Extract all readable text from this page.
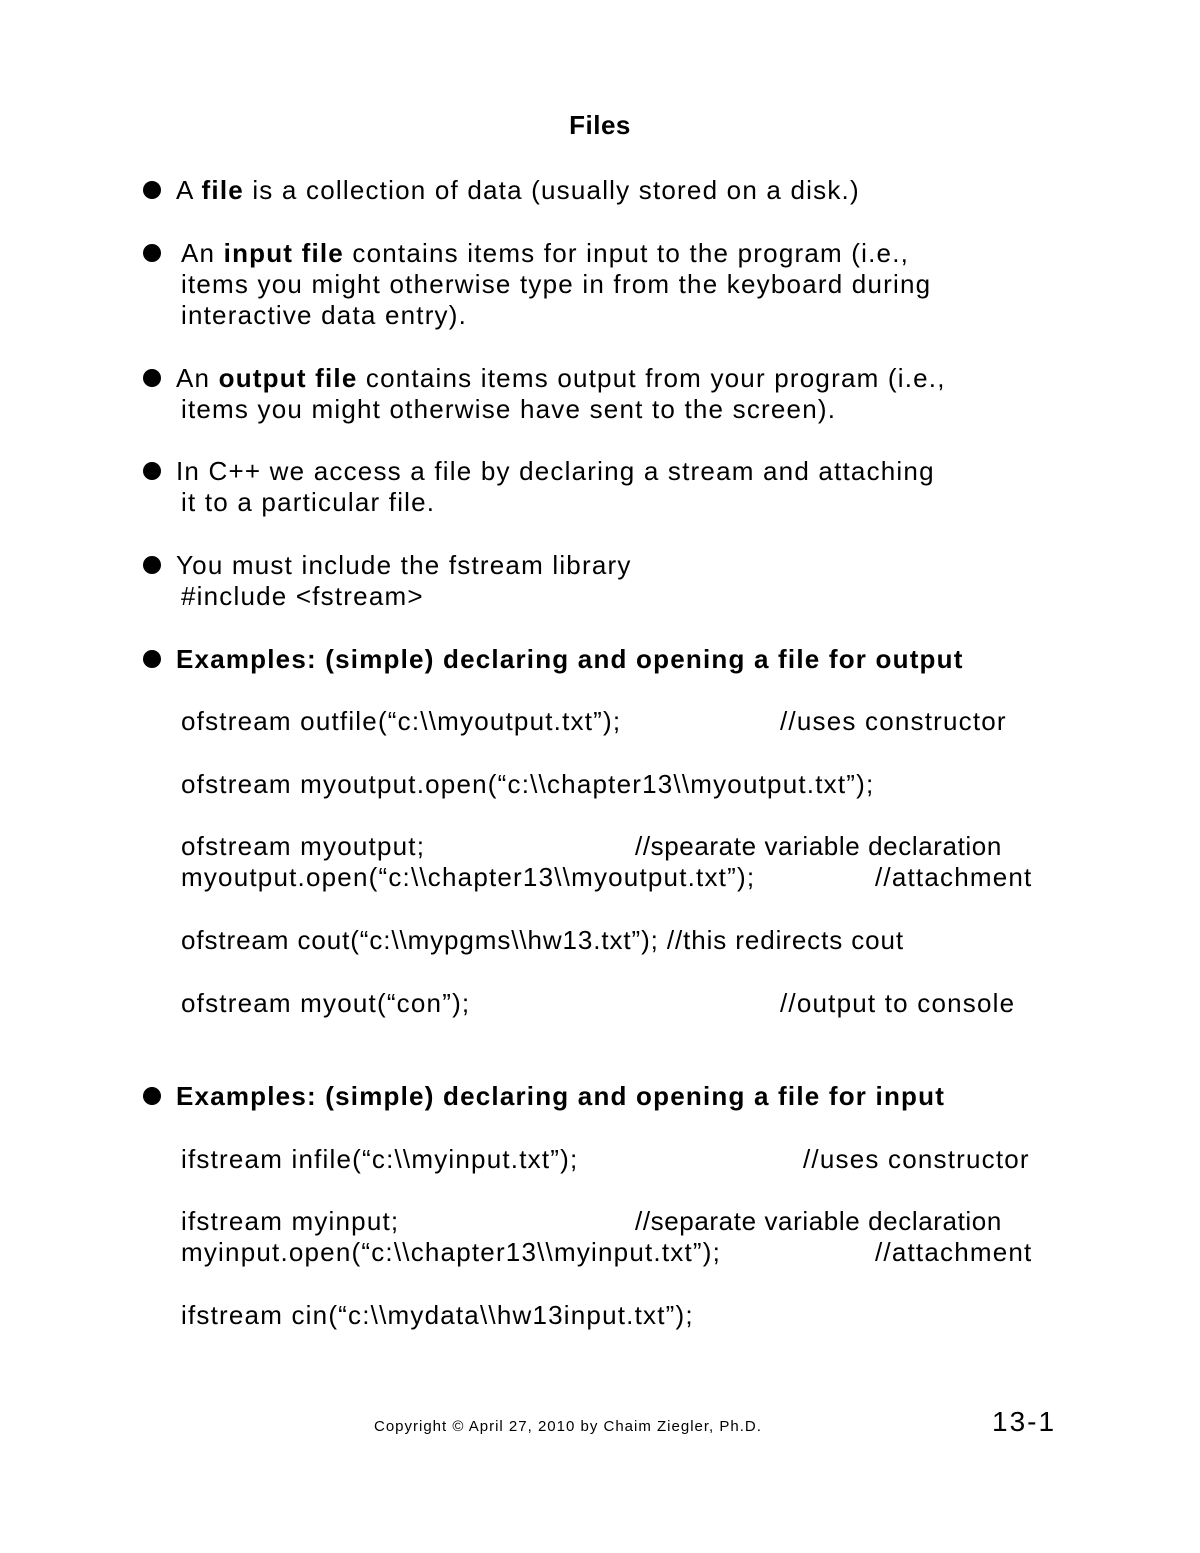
Files
A file is a collection of data (usually stored on a disk.)
An input file contains items for input to the program (i.e.,
items you might otherwise type in from the keyboard during
interactive data entry).
An output file contains items output from your program (i.e.,
items you might otherwise have sent to the screen).
In C++ we access a file by declaring a stream and attaching
it to a particular file.
You must include the fstream library
#include <fstream>
Examples: (simple) declaring and opening a file for output
ofstream outfile(“c:\\myoutput.txt”);	//uses constructor
ofstream myoutput.open(“c:\\chapter13\\myoutput.txt”);
ofstream myoutput;	//spearate variable declaration
myoutput.open(“c:\\chapter13\\myoutput.txt”);	//attachment
ofstream cout(“c:\\mypgms\\hw13.txt”); //this redirects cout
ofstream myout(“con”);	//output to console
Examples: (simple) declaring and opening a file for input
ifstream infile(“c:\\myinput.txt”);	//uses constructor
ifstream myinput;	//separate variable declaration
myinput.open(“c:\\chapter13\\myinput.txt”);	//attachment
ifstream cin(“c:\\mydata\\hw13input.txt”);
Copyright © April 27, 2010 by Chaim Ziegler, Ph.D.	13-1
